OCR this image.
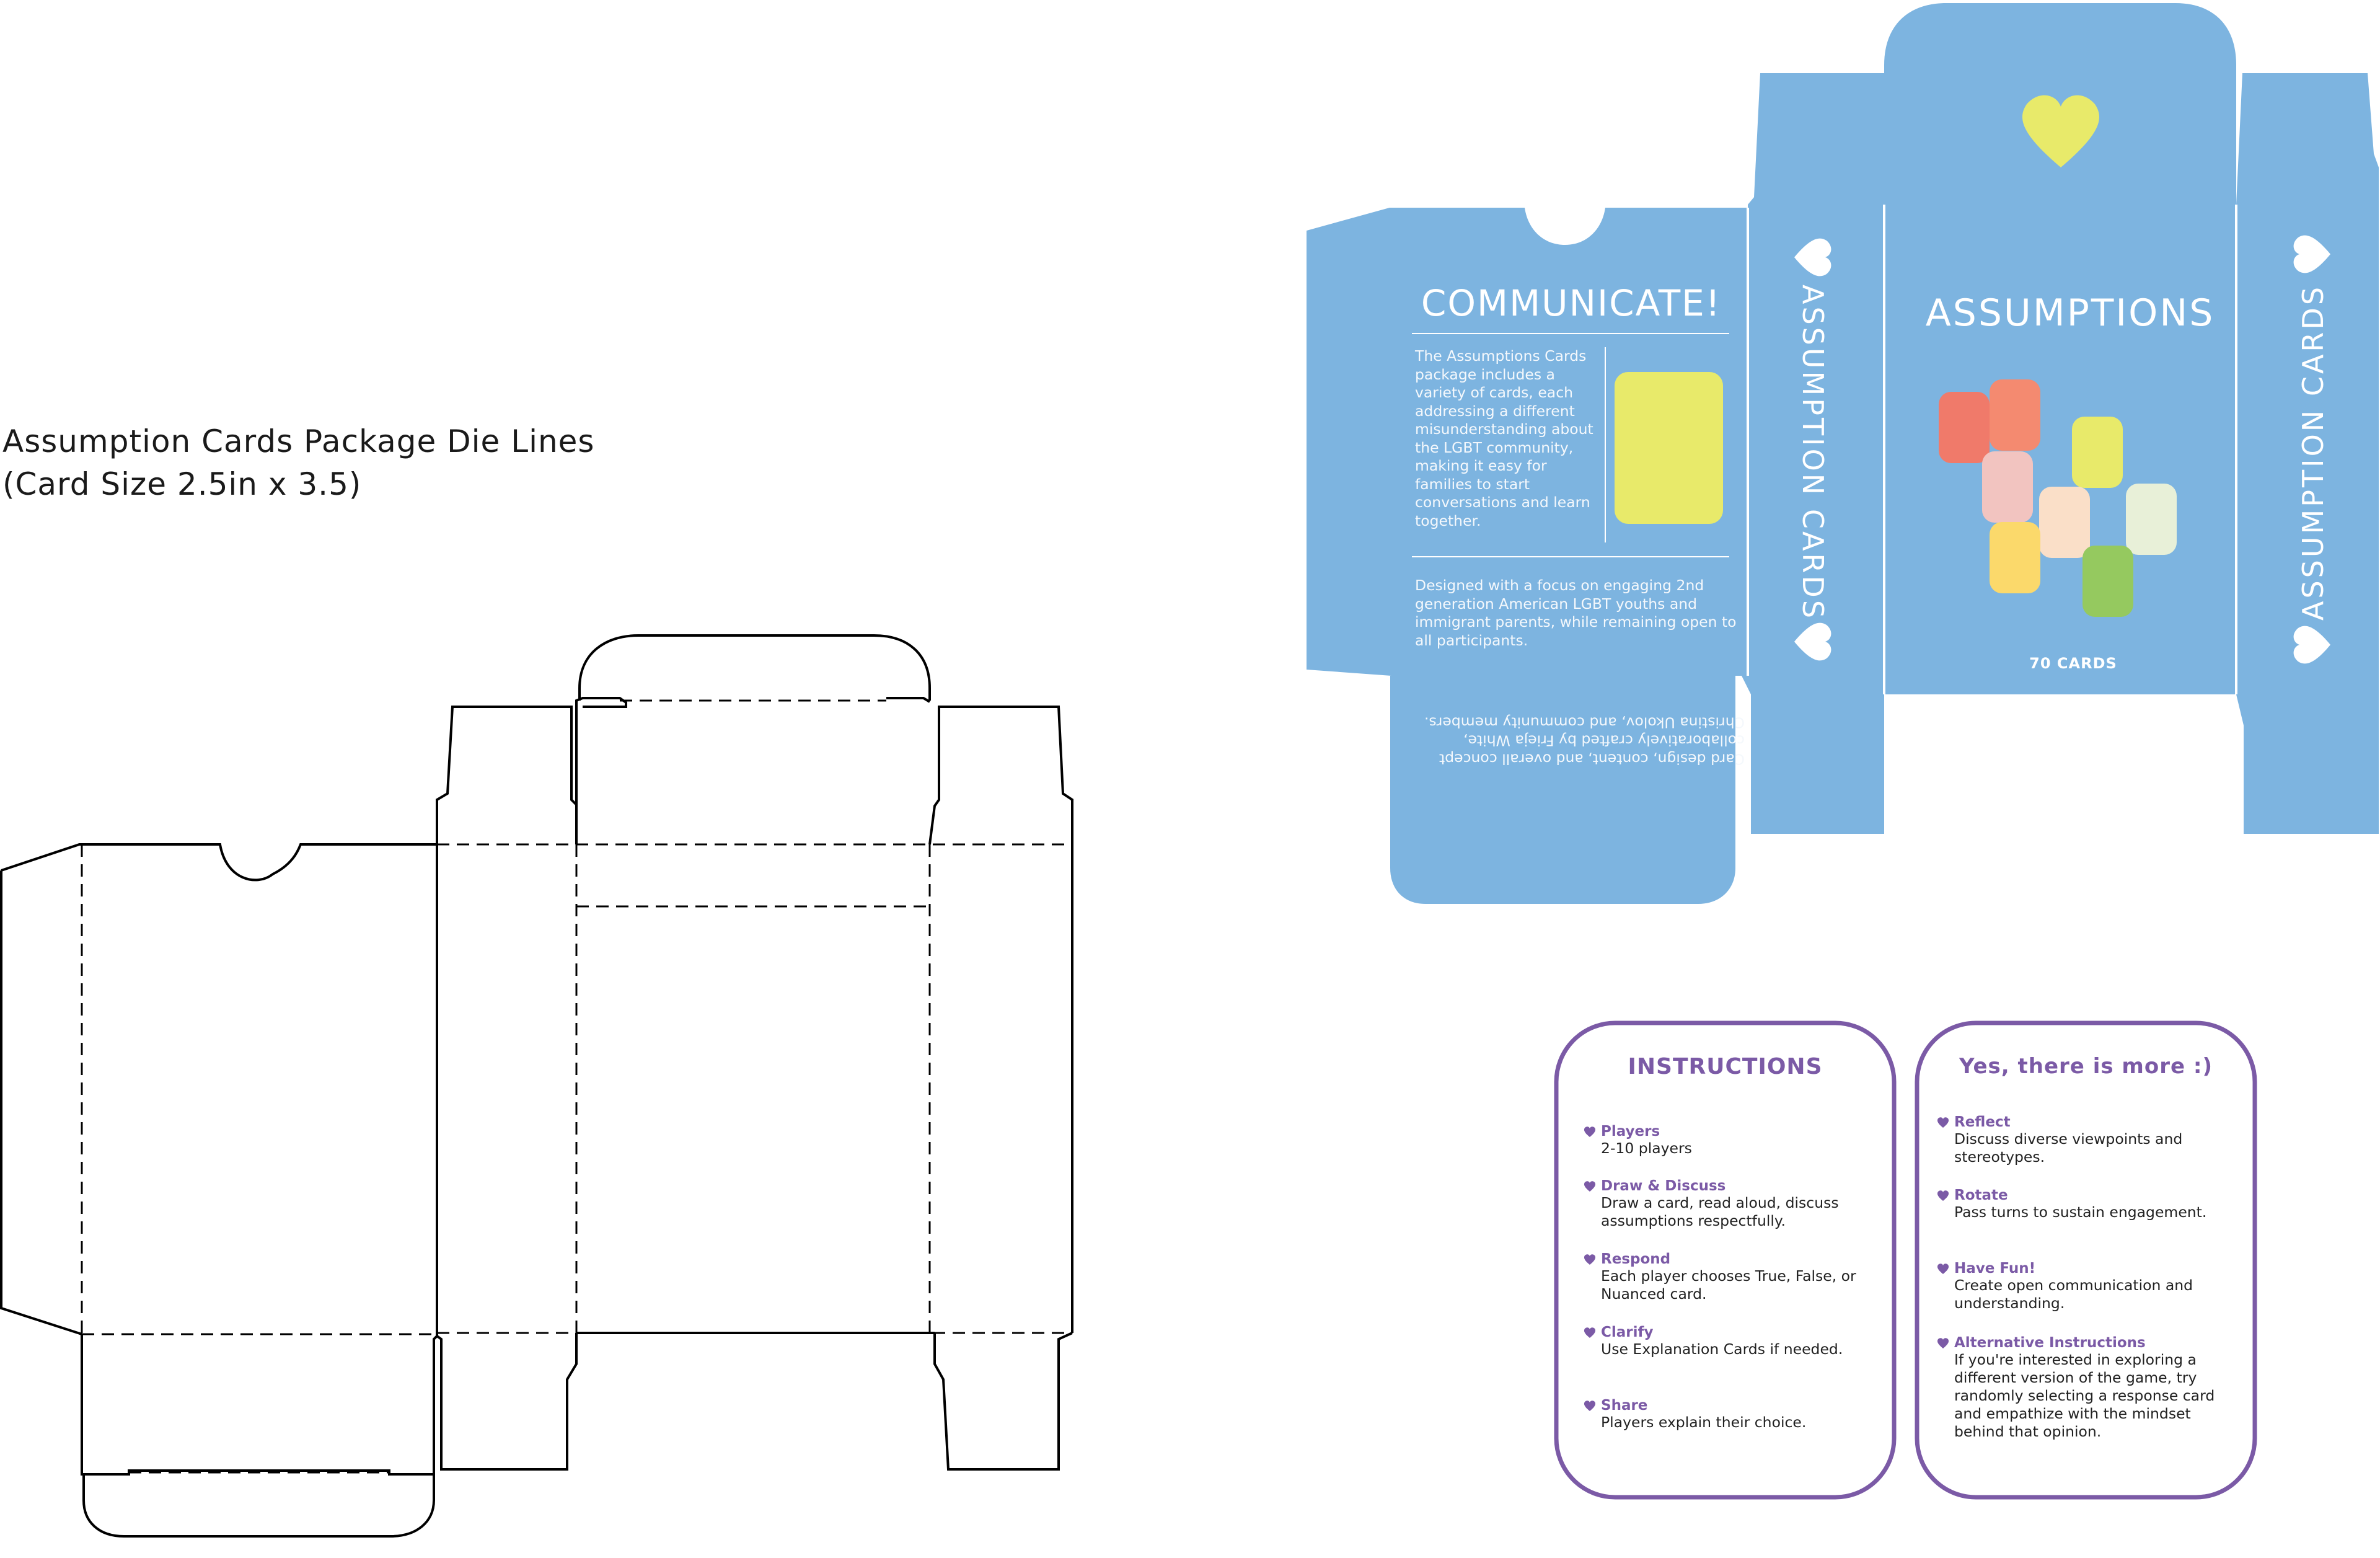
Assumption Cards Package Die Lines
(Card Size 2.5in x 3.5)
COMMUNICATE!
The Assumptions Cards package includes a variety of cards, each addressing a different misunderstanding about the LGBT community, making it easy for families to start conversations and learn together.
Designed with a focus on engaging 2nd generation American LGBT youths and immigrant parents, while remaining open to all participants.
Card design, content, and overall concept collaboratively crafted by Frieja White, Christina Ukolov, and community members.
ASSUMPTION CARDS	ASSUMPTION CARDS
ASSUMPTIONS
70 CARDS
INSTRUCTIONS	Yes, there is more :)
Players
2-10 players
Draw & Discuss
Draw a card, read aloud, discuss assumptions respectfully.
Respond
Each player chooses True, False, or Nuanced card.
Clarify
Use Explanation Cards if needed.
Share
Players explain their choice.
Reflect
Discuss diverse viewpoints and stereotypes.
Rotate
Pass turns to sustain engagement.
Have Fun!
Create open communication and understanding.
Alternative Instructions
If you're interested in exploring a different version of the game, try randomly selecting a response card and empathize with the mindset behind that opinion.
